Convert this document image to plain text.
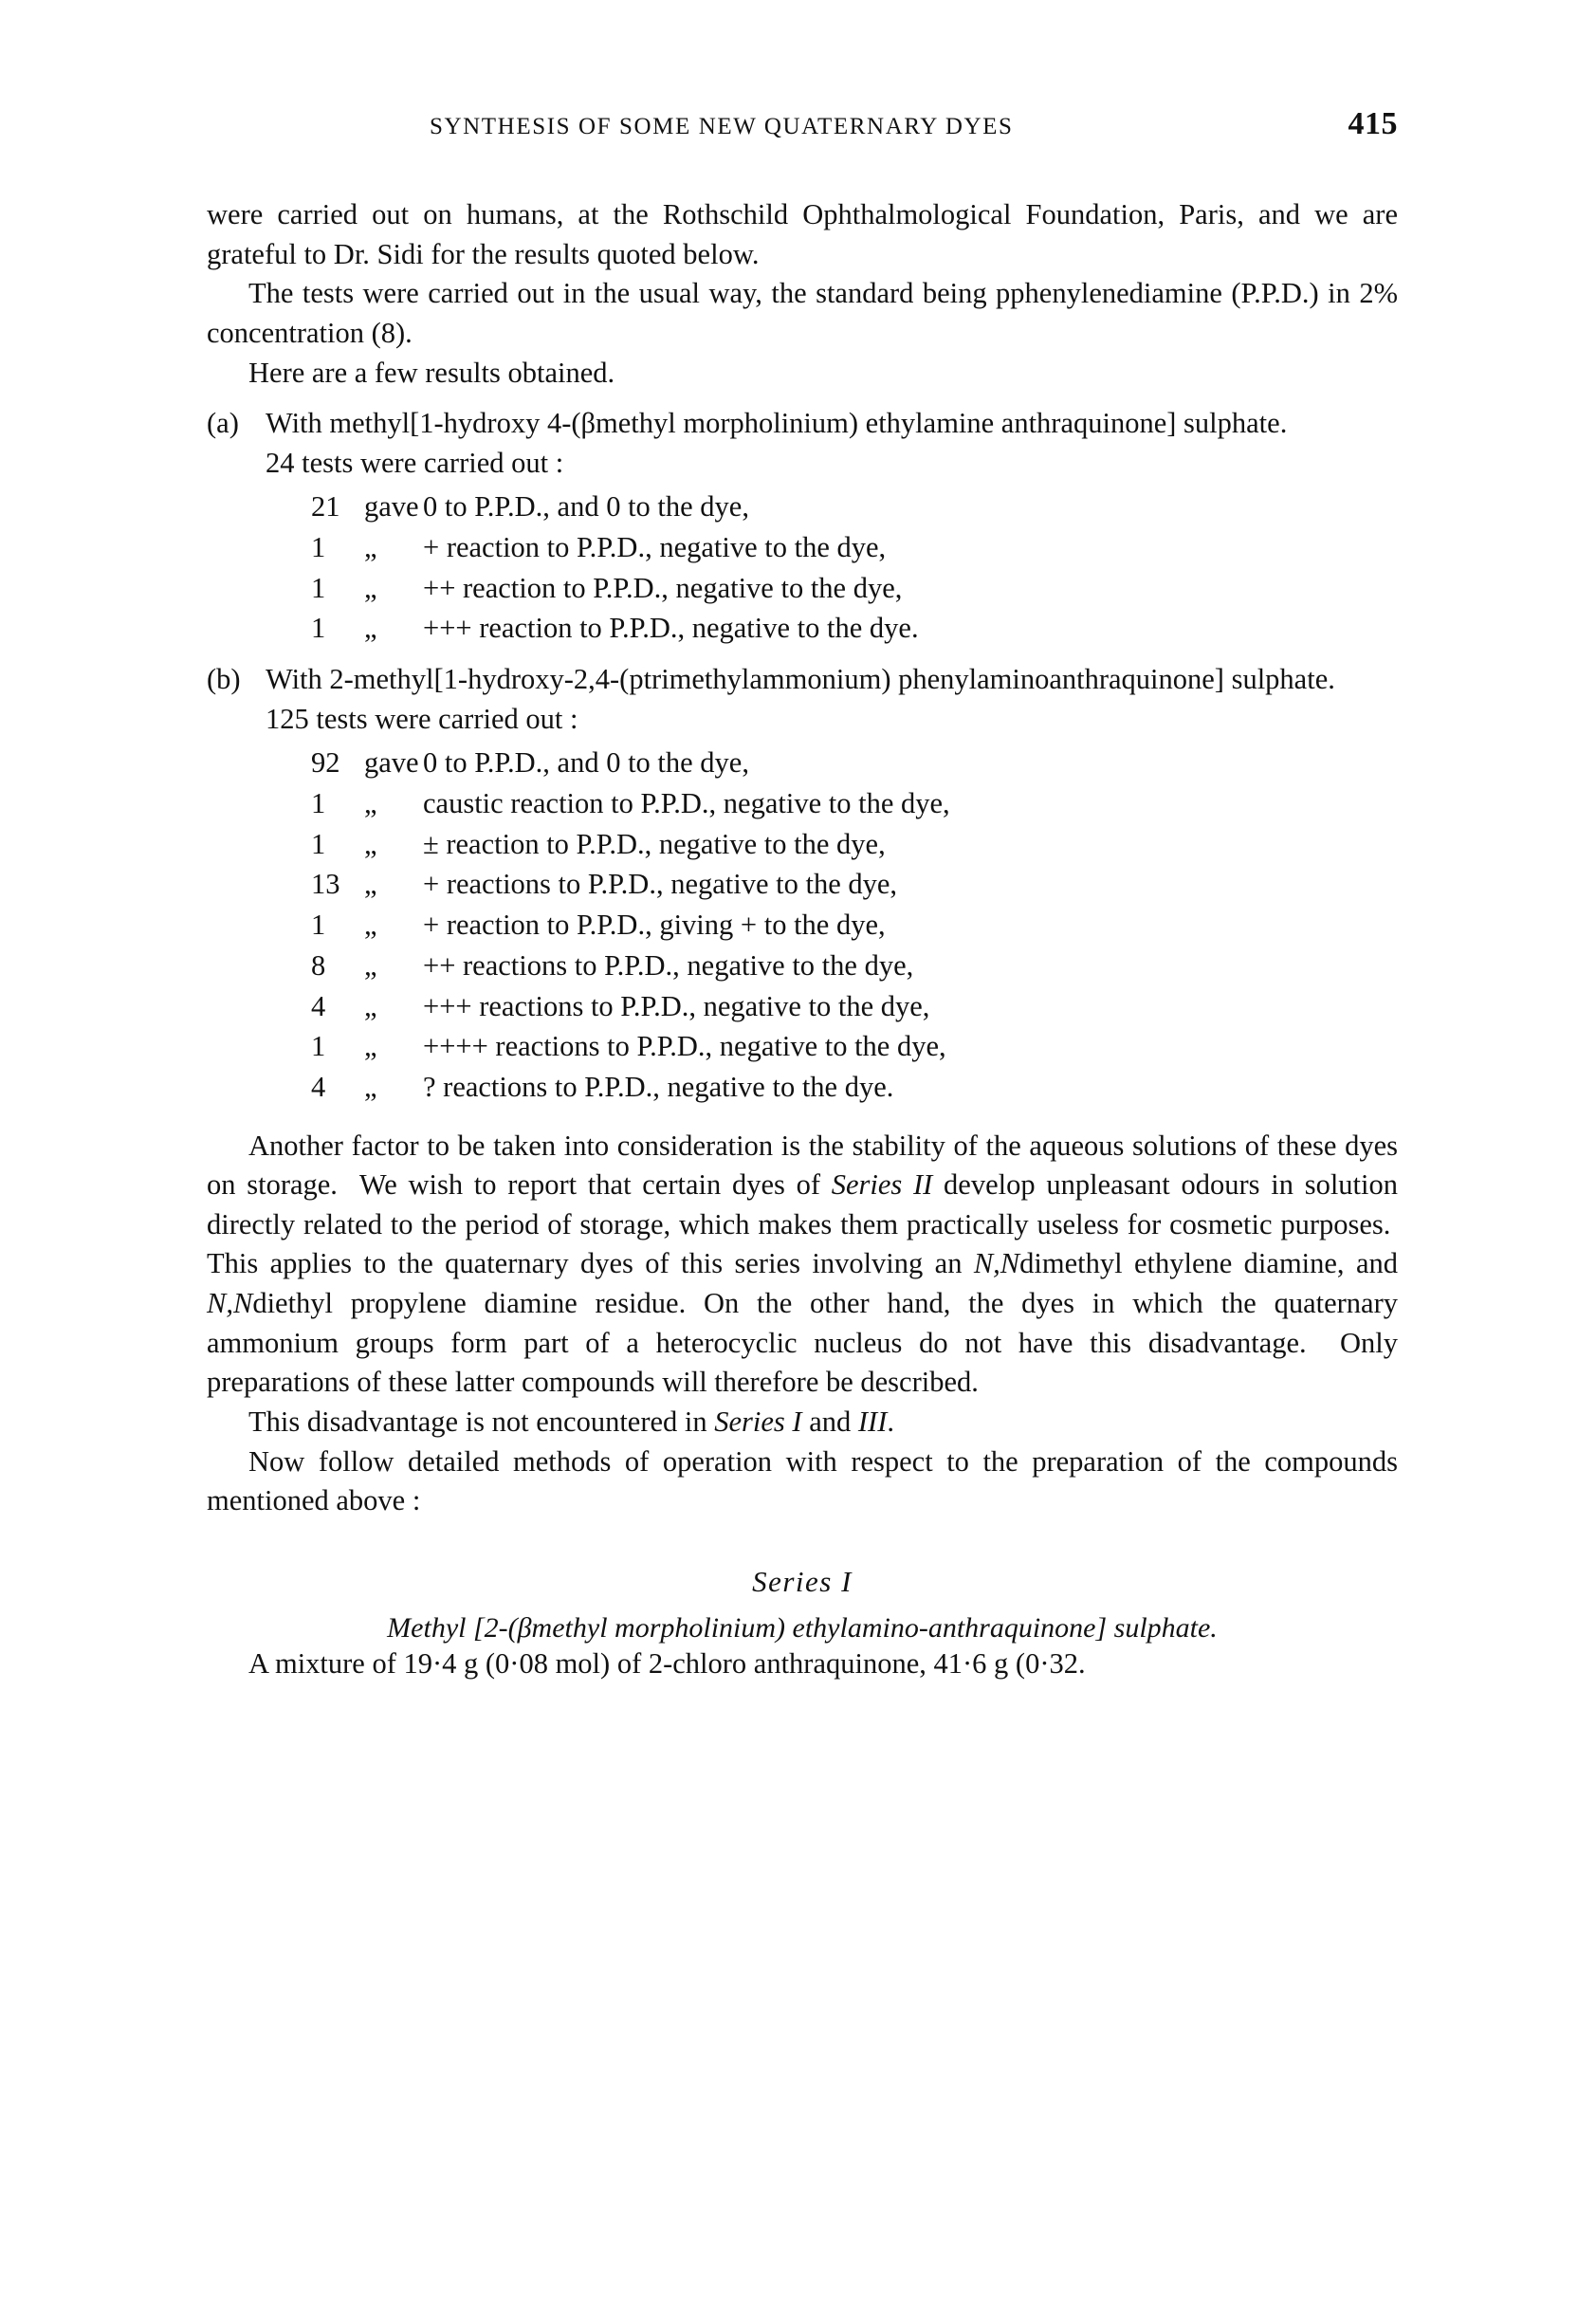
SYNTHESIS OF SOME NEW QUATERNARY DYES	415

were carried out on humans, at the Rothschild Ophthalmological Foundation, Paris, and we are grateful to Dr. Sidi for the results quoted below.

The tests were carried out in the usual way, the standard being pphenylenediamine (P.P.D.) in 2% concentration (8).

Here are a few results obtained.

(a) With methyl[1-hydroxy 4-(βmethyl morpholinium) ethylamine anthraquinone] sulphate.
24 tests were carried out :
21 gave 0 to P.P.D., and 0 to the dye,
1	„	+ reaction to P.P.D., negative to the dye,
1	„	++ reaction to P.P.D., negative to the dye,
1	„	+++ reaction to P.P.D., negative to the dye.
(b) With 2-methyl[1-hydroxy-2,4-(ptrimethylammonium) phenylaminoanthraquinone] sulphate.
125 tests were carried out :
92 gave 0 to P.P.D., and 0 to the dye,
1	„	caustic reaction to P.P.D., negative to the dye,
1	„	± reaction to P.P.D., negative to the dye,
13 „	+ reactions to P.P.D., negative to the dye,
1	„	+ reaction to P.P.D., giving + to the dye,
8	„	++ reactions to P.P.D., negative to the dye,
4	„	+++ reactions to P.P.D., negative to the dye,
1	„	++++ reactions to P.P.D., negative to the dye,
4	„	? reactions to P.P.D., negative to the dye.

Another factor to be taken into consideration is the stability of the aqueous solutions of these dyes on storage. We wish to report that certain dyes of Series II develop unpleasant odours in solution directly related to the period of storage, which makes them practically useless for cosmetic purposes.  This applies to the quaternary dyes of this series involving an N,Ndimethyl ethylene diamine, and N,Ndiethyl propylene diamine residue. On the other hand, the dyes in which the quaternary ammonium groups form part of a heterocyclic nucleus do not have this disadvantage. Only preparations of these latter compounds will therefore be described.

This disadvantage is not encountered in Series I and III.

Now follow detailed methods of operation with respect to the preparation of the compounds mentioned above :

Series I
Methyl [2-(βmethyl morpholinium) ethylamino-anthraquinone] sulphate.

A mixture of 19·4 g (0·08 mol) of 2-chloro anthraquinone, 41·6 g (0·32.
